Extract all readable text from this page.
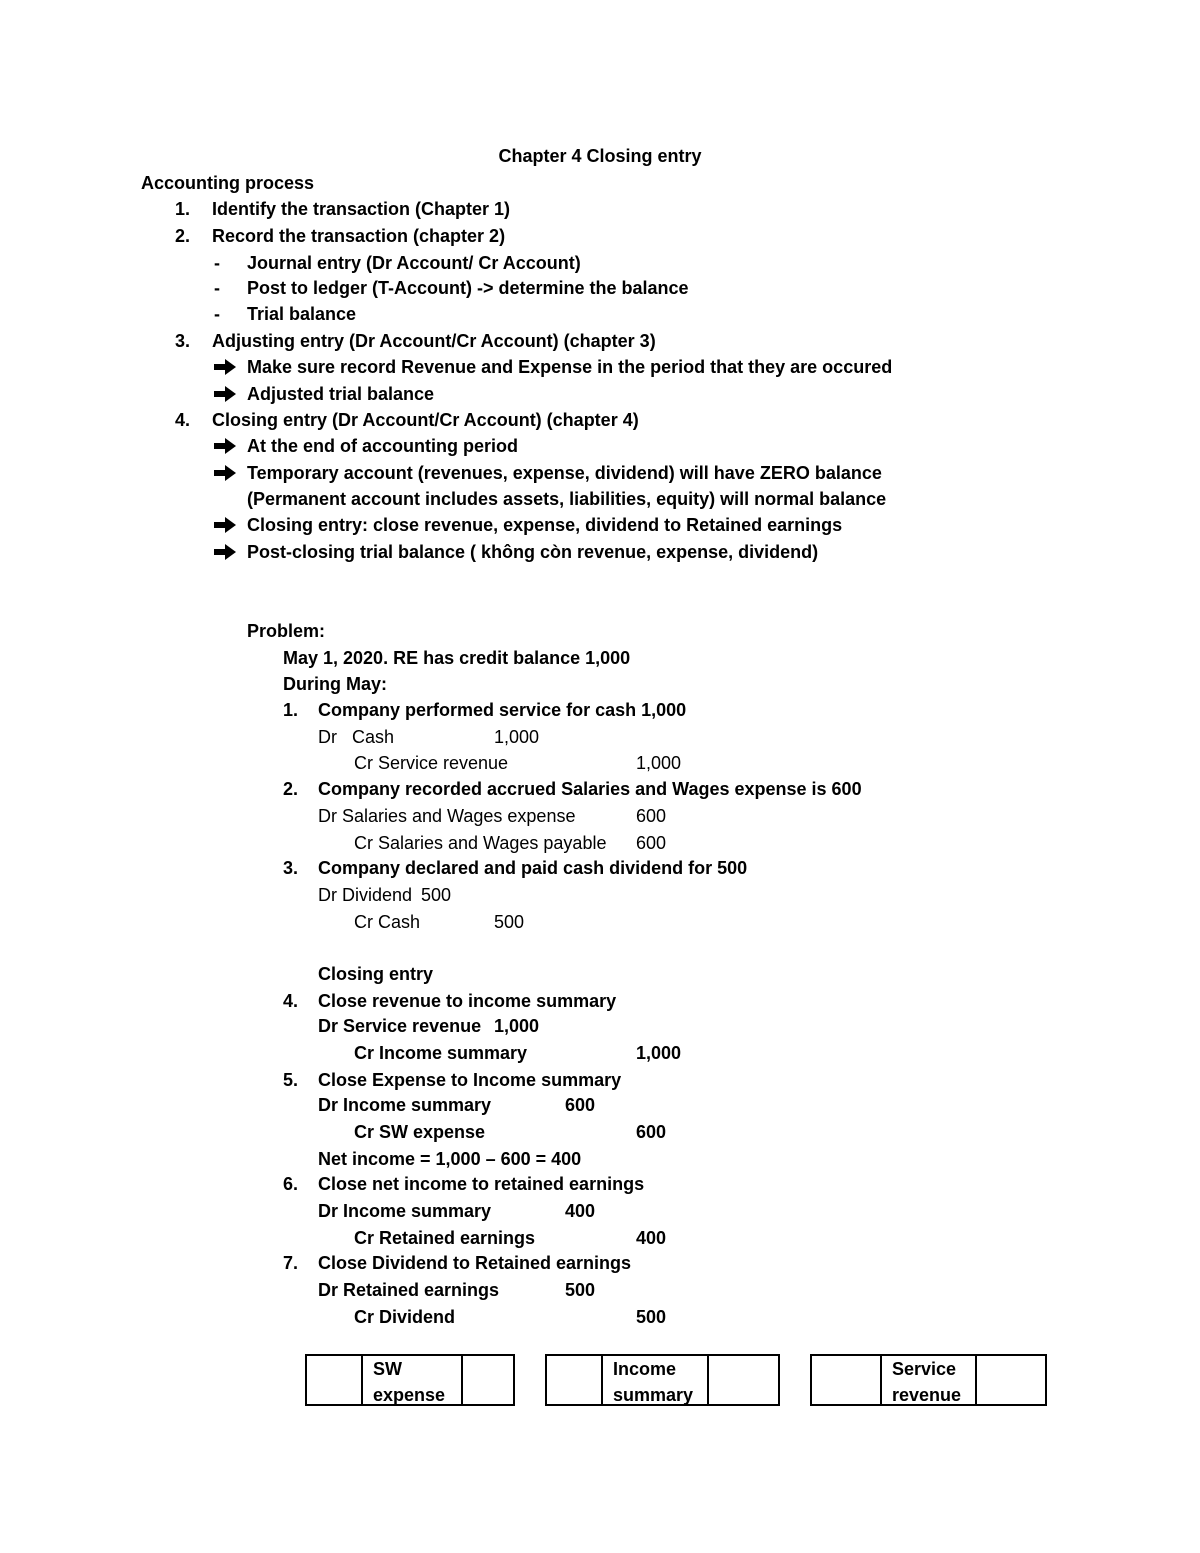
Chapter 4 Closing entry
Accounting process
1. Identify the transaction (Chapter 1)
2. Record the transaction (chapter 2)
- Journal entry (Dr Account/ Cr Account)
- Post to ledger (T-Account) -> determine the balance
- Trial balance
3. Adjusting entry (Dr Account/Cr Account) (chapter 3)
Make sure record Revenue and Expense in the period that they are occured
Adjusted trial balance
4. Closing entry (Dr Account/Cr Account) (chapter 4)
At the end of accounting period
Temporary account (revenues, expense, dividend) will have ZERO balance
(Permanent account includes assets, liabilities, equity) will normal balance
Closing entry: close revenue, expense, dividend to Retained earnings
Post-closing trial balance ( không còn revenue, expense, dividend)
Problem:
May 1, 2020. RE has credit balance 1,000
During May:
1. Company performed service for cash 1,000
Dr Cash	1,000
Cr Service revenue	1,000
2. Company recorded accrued Salaries and Wages expense is 600
Dr Salaries and Wages expense	600
Cr Salaries and Wages payable 600
3. Company declared and paid cash dividend for 500
Dr Dividend 500
Cr Cash	500
Closing entry
4. Close revenue to income summary
Dr Service revenue 1,000
Cr Income summary	1,000
5. Close Expense to Income summary
Dr Income summary	600
Cr SW expense	600
Net income = 1,000 – 600 = 400
6. Close net income to retained earnings
Dr Income summary	400
Cr Retained earnings	400
7. Close Dividend to Retained earnings
Dr Retained earnings	500
Cr Dividend	500
SW
expense
Income
summary
Service
revenue
